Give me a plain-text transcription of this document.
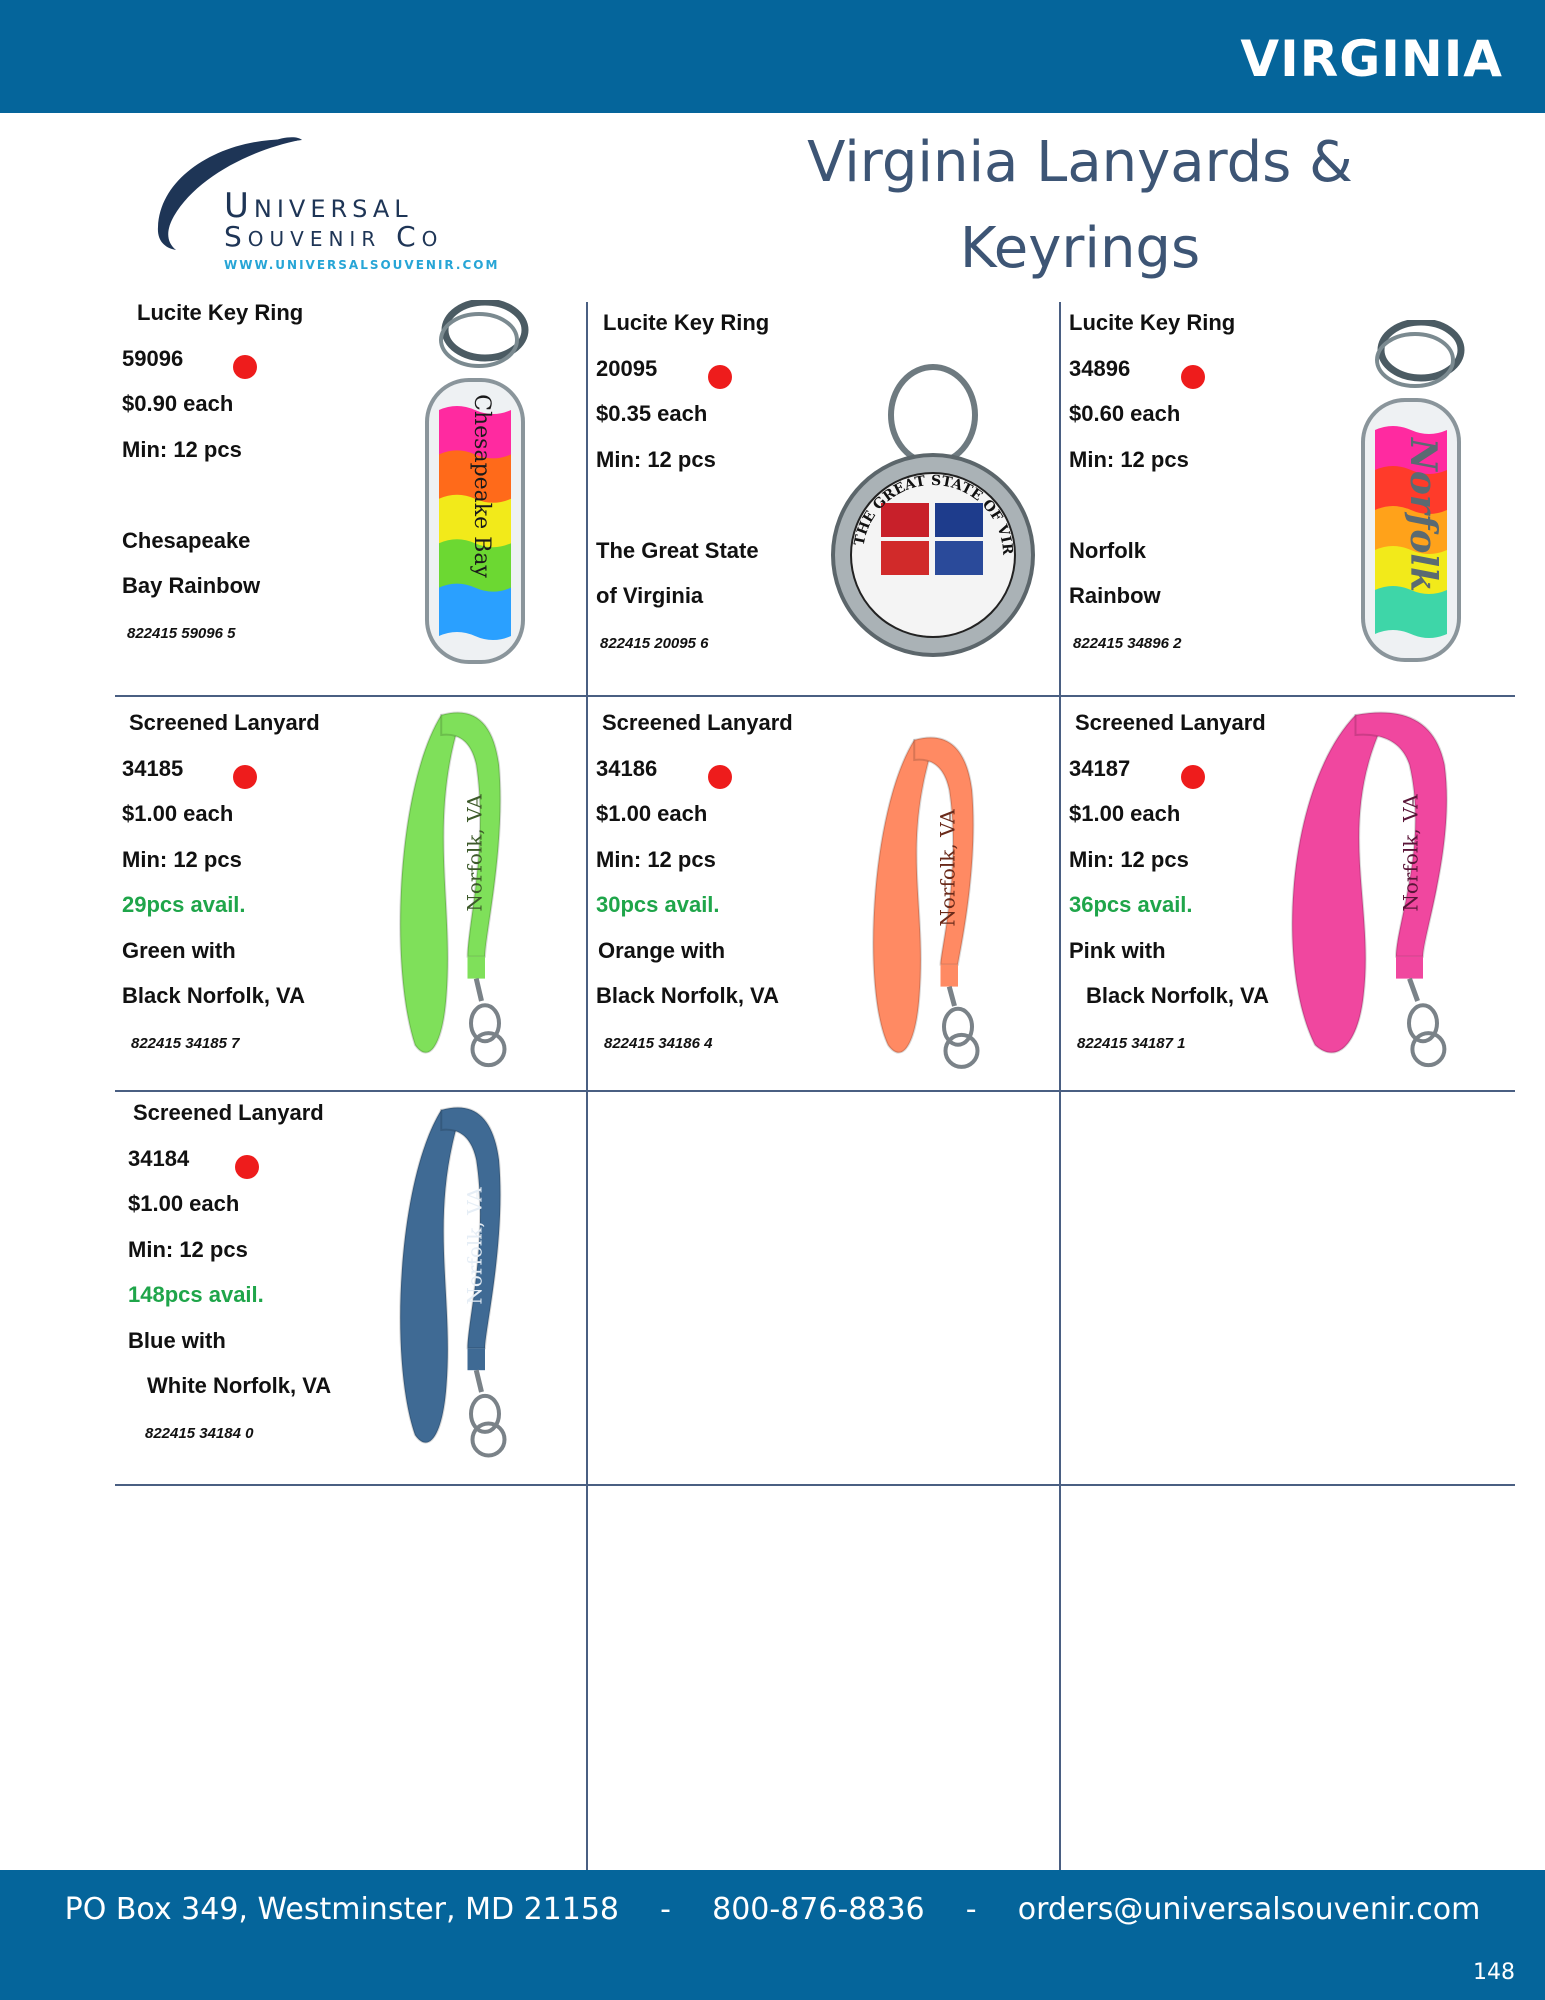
VIRGINIA
Universal
Souvenir Co
WWW.UNIVERSALSOUVENIR.COM
Virginia Lanyards &
Keyrings
Lucite Key Ring
59096
$0.90 each
Min: 12 pcs
Chesapeake
Bay Rainbow
822415 59096 5
Chesapeake Bay
Lucite Key Ring
20095
$0.35 each
Min: 12 pcs
The Great State
of Virginia
822415 20095 6
THE GREAT STATE OF VIR
Lucite Key Ring
34896
$0.60 each
Min: 12 pcs
Norfolk
Rainbow
822415 34896 2
Norfolk
Screened Lanyard
34185
$1.00 each
Min: 12 pcs
29pcs avail.
Green with
Black Norfolk, VA
822415 34185 7
Norfolk, VA
Screened Lanyard
34186
$1.00 each
Min: 12 pcs
30pcs avail.
Orange with
Black Norfolk, VA
822415 34186 4
Norfolk, VA
Screened Lanyard
34187
$1.00 each
Min: 12 pcs
36pcs avail.
Pink with
Black Norfolk, VA
822415 34187 1
Norfolk, VA
Screened Lanyard
34184
$1.00 each
Min: 12 pcs
148pcs avail.
Blue with
White Norfolk, VA
822415 34184 0
Norfolk, VA
PO Box 349, Westminster, MD 21158 - 800-876-8836 - orders@universalsouvenir.com
148
